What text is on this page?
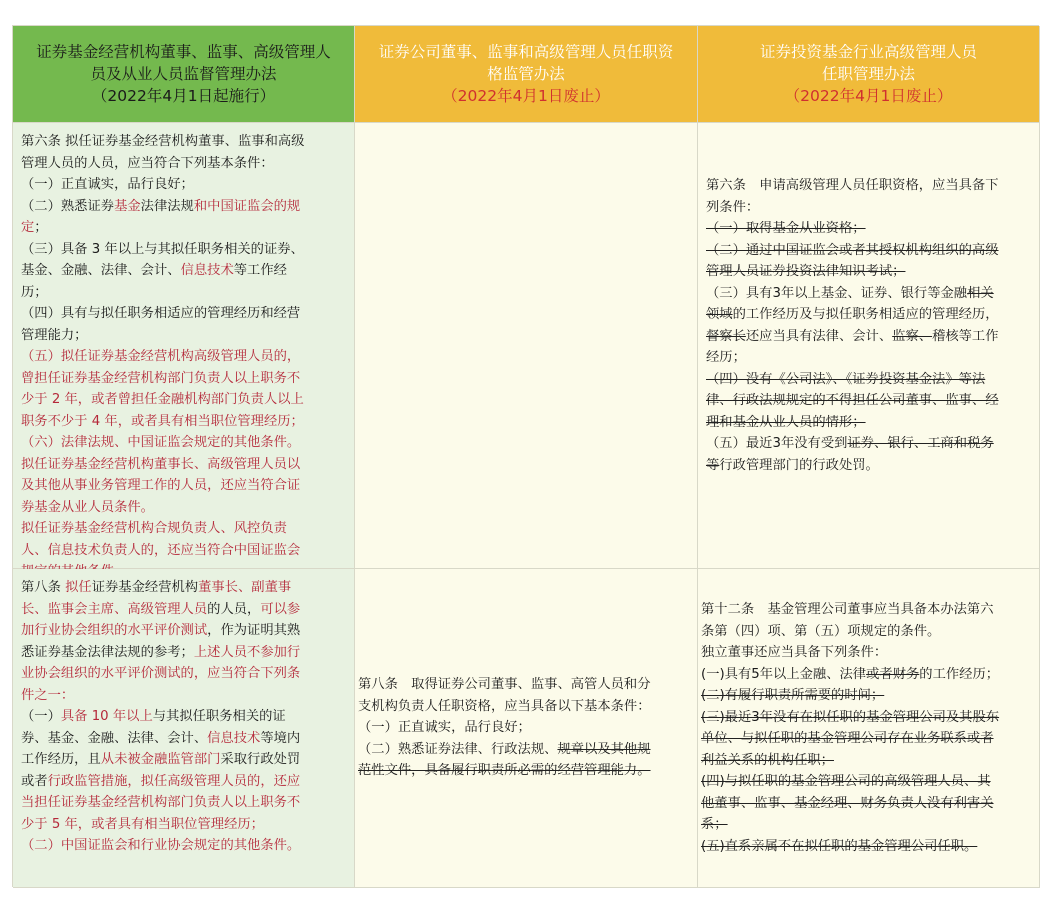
证券基金经营机构董事、监事、高级管理人
员及从业人员监督管理办法
（2022年4月1日起施行）
证券公司董事、监事和高级管理人员任职资
格监管办法
（2022年4月1日废止）
证券投资基金行业高级管理人员
任职管理办法
（2022年4月1日废止）
第六条 拟任证券基金经营机构董事、监事和高级
管理人员的人员，应当符合下列基本条件：
（一）正直诚实，品行良好；
（二）熟悉证券基金法律法规和中国证监会的规
定；
（三）具备 3 年以上与其拟任职务相关的证券、
基金、金融、法律、会计、信息技术等工作经
历；
（四）具有与拟任职务相适应的管理经历和经营
管理能力；
（五）拟任证券基金经营机构高级管理人员的，
曾担任证券基金经营机构部门负责人以上职务不
少于 2 年，或者曾担任金融机构部门负责人以上
职务不少于 4 年，或者具有相当职位管理经历；
（六）法律法规、中国证监会规定的其他条件。
拟任证券基金经营机构董事长、高级管理人员以
及其他从事业务管理工作的人员，还应当符合证
券基金从业人员条件。
拟任证券基金经营机构合规负责人、风控负责
人、信息技术负责人的，还应当符合中国证监会
第六条　申请高级管理人员任职资格，应当具备下
列条件：
（一）取得基金从业资格；
（二）通过中国证监会或者其授权机构组织的高级
管理人员证券投资法律知识考试；
（三）具有3年以上基金、证券、银行等金融相关
领域的工作经历及与拟任职务相适应的管理经历，
督察长还应当具有法律、会计、监察、稽核等工作
经历；
（四）没有《公司法》、《证券投资基金法》等法
律、行政法规规定的不得担任公司董事、监事、经
理和基金从业人员的情形；
（五）最近3年没有受到证券、银行、工商和税务
等行政管理部门的行政处罚。
第八条 拟任证券基金经营机构董事长、副董事
长、监事会主席、高级管理人员的人员，可以参
加行业协会组织的水平评价测试，作为证明其熟
悉证券基金法律法规的参考；上述人员不参加行
业协会组织的水平评价测试的，应当符合下列条
件之一：
（一）具备 10 年以上与其拟任职务相关的证
券、基金、金融、法律、会计、信息技术等境内
工作经历，且从未被金融监管部门采取行政处罚
或者行政监管措施，拟任高级管理人员的，还应
当担任证券基金经营机构部门负责人以上职务不
少于 5 年，或者具有相当职位管理经历；
（二）中国证监会和行业协会规定的其他条件。
第八条　取得证券公司董事、监事、高管人员和分
支机构负责人任职资格，应当具备以下基本条件：
（一）正直诚实，品行良好；
（二）熟悉证券法律、行政法规、规章以及其他规
范性文件，具备履行职责所必需的经营管理能力。
第十二条　基金管理公司董事应当具备本办法第六
条第（四）项、第（五）项规定的条件。
独立董事还应当具备下列条件：
(一)具有5年以上金融、法律或者财务的工作经历；
(二)有履行职责所需要的时间；
(三)最近3年没有在拟任职的基金管理公司及其股东
单位、与拟任职的基金管理公司存在业务联系或者
利益关系的机构任职；
(四)与拟任职的基金管理公司的高级管理人员、其
他董事、监事、基金经理、财务负责人没有利害关
系；
(五)直系亲属不在拟任职的基金管理公司任职。
